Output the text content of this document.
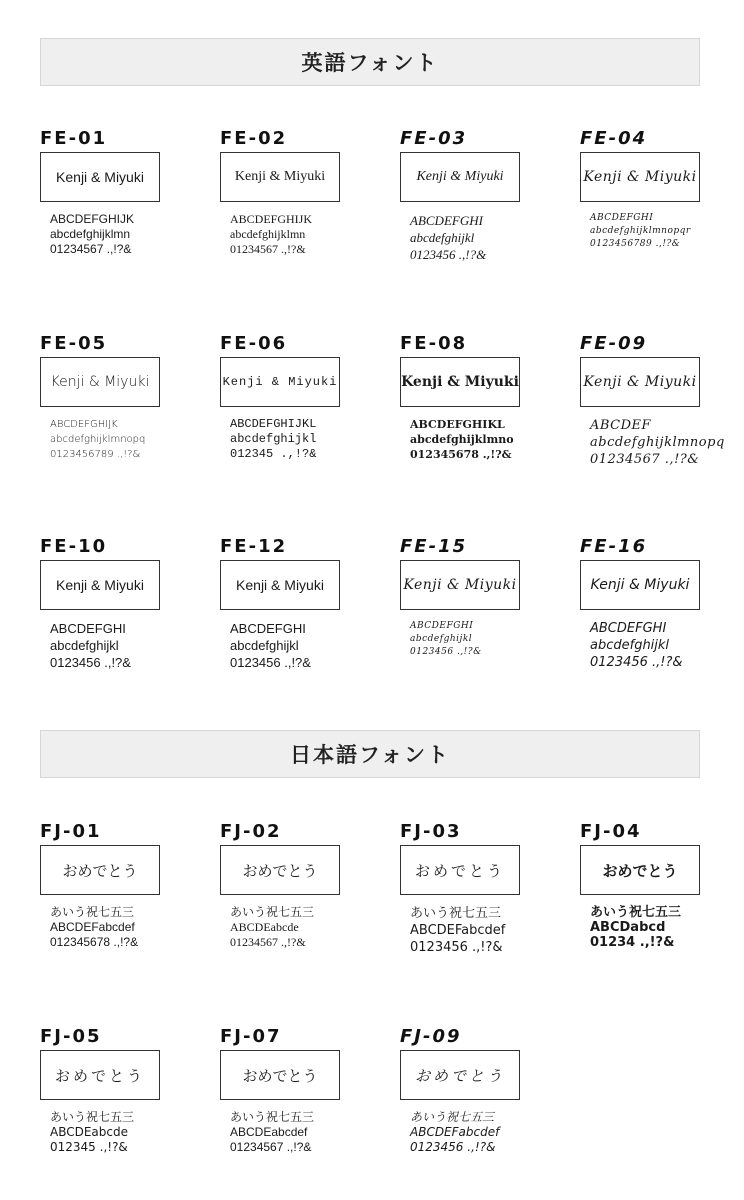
英語フォント
FE-01
Kenji & Miyuki
ABCDEFGHIJK
abcdefghijklmn
01234567 .,!?&
FE-02
Kenji & Miyuki
ABCDEFGHIJK
abcdefghijklmn
01234567 .,!?&
FE-03
Kenji & Miyuki
ABCDEFGHI
abcdefghijkl
0123456 .,!?&
FE-04
Kenji & Miyuki
ABCDEFGHI
abcdefghijklmnopqr
0123456789 .,!?&
FE-05
Kenji & Miyuki
ABCDEFGHIJK
abcdefghijklmnopq
0123456789 .,!?&
FE-06
Kenji & Miyuki
ABCDEFGHIJKL
abcdefghijkl
012345 .,!?&
FE-08
Kenji & Miyuki
ABCDEFGHIKL
abcdefghijklmno
012345678 .,!?&
FE-09
Kenji & Miyuki
ABCDEF
abcdefghijklmnopq
01234567 .,!?&
FE-10
Kenji & Miyuki
ABCDEFGHI
abcdefghijkl
0123456 .,!?&
FE-12
Kenji & Miyuki
ABCDEFGHI
abcdefghijkl
0123456 .,!?&
FE-15
Kenji & Miyuki
ABCDEFGHI
abcdefghijkl
0123456 .,!?&
FE-16
Kenji & Miyuki
ABCDEFGHI
abcdefghijkl
0123456 .,!?&
日本語フォント
FJ-01
おめでとう
あいう祝七五三
ABCDEFabcdef
012345678 .,!?&
FJ-02
おめでとう
あいう祝七五三
ABCDEabcde
01234567 .,!?&
FJ-03
おめでとう
あいう祝七五三
ABCDEFabcdef
0123456 .,!?&
FJ-04
おめでとう
あいう祝七五三
ABCDabcd
01234 .,!?&
FJ-05
おめでとう
あいう祝七五三
ABCDEabcde
012345 .,!?&
FJ-07
おめでとう
あいう祝七五三
ABCDEabcdef
01234567 .,!?&
FJ-09
おめでとう
あいう祝七五三
ABCDEFabcdef
0123456 .,!?&
